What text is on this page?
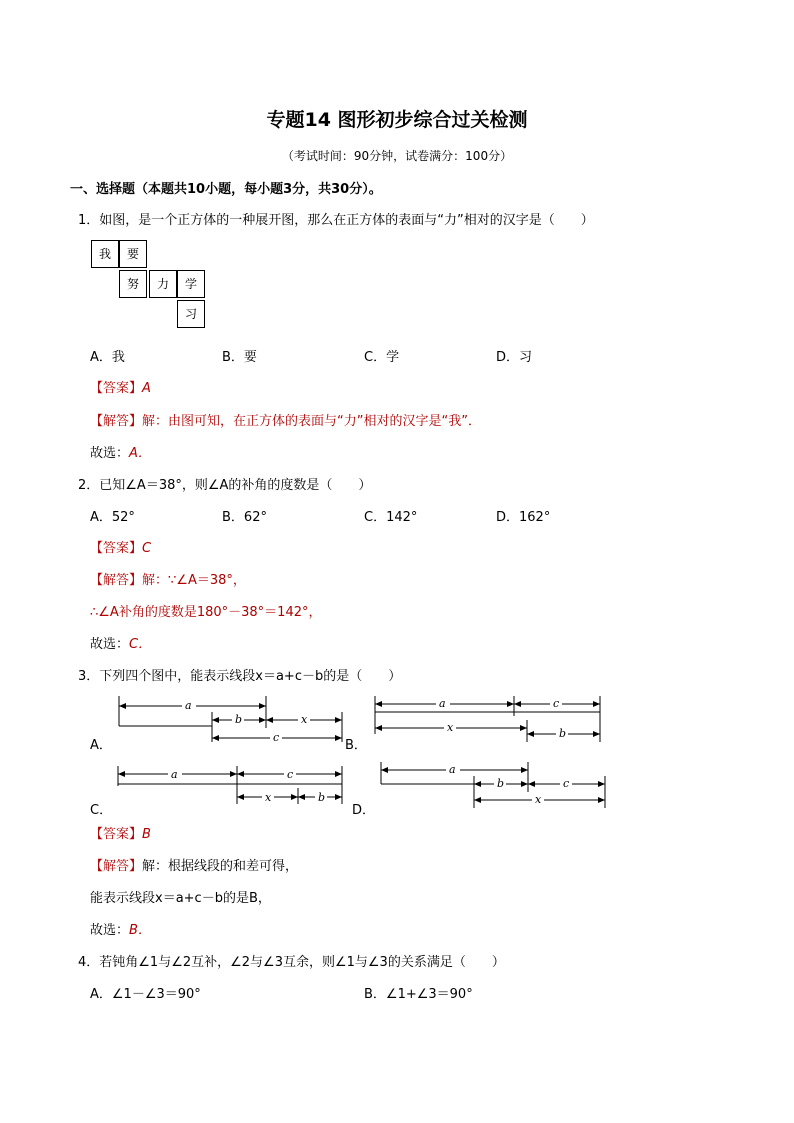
专题14 图形初步综合过关检测
（考试时间：90分钟，试卷满分：100分）
一、选择题（本题共10小题，每小题3分，共30分）。
1．如图，是一个正方体的一种展开图，那么在正方体的表面与“力”相对的汉字是（　　）
我	要
努	力	学
习
A．我	B．要	C．学	D．习
【答案】A
【解答】解：由图可知，在正方体的表面与“力”相对的汉字是“我”．
故选：A．
2．已知∠A＝38°，则∠A的补角的度数是（　　）
A．52°	B．62°	C．142°	D．162°
【答案】C
【解答】解：∵∠A＝38°，
∴∠A补角的度数是180°－38°＝142°，
故选：C．
3．下列四个图中，能表示线段x＝a+c－b的是（　　）
a
b	x
c
A．
a	c
x	b
B．
a	c
x	b
C．
a
b	c
x
D．
【答案】B
【解答】解：根据线段的和差可得，
能表示线段x＝a+c－b的是B，
故选：B．
4．若钝角∠1与∠2互补，∠2与∠3互余，则∠1与∠3的关系满足（　　）
A．∠1－∠3＝90°	B．∠1+∠3＝90°
